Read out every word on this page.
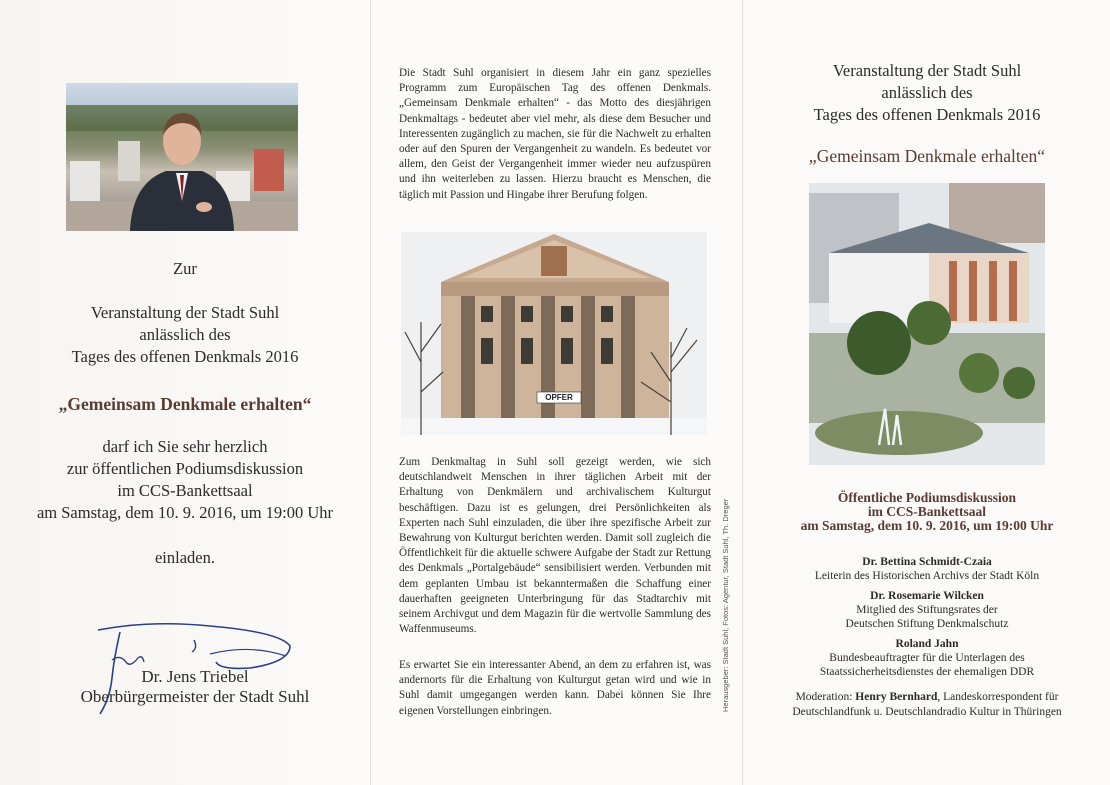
Zur
Veranstaltung der Stadt Suhl
anlässlich des
Tages des offenen Denkmals 2016
„Gemeinsam Denkmale erhalten“
darf ich Sie sehr herzlich
zur öffentlichen Podiumsdiskussion
im CCS-Bankettsaal
am Samstag, dem 10. 9. 2016, um 19:00 Uhr
einladen.
Dr. Jens Triebel
Oberbürgermeister der Stadt Suhl
Die Stadt Suhl organisiert in diesem Jahr ein ganz spezielles Programm zum Europäischen Tag des offenen Denkmals. „Gemeinsam Denkmale erhalten“ - das Motto des diesjährigen Denkmaltags - bedeutet aber viel mehr, als diese dem Besucher und Interessenten zugänglich zu machen, sie für die Nachwelt zu erhalten oder auf den Spuren der Vergangenheit zu wandeln. Es bedeutet vor allem, den Geist der Vergangenheit immer wieder neu aufzuspüren und ihn weiterleben zu lassen. Hierzu braucht es Menschen, die täglich mit Passion und Hingabe ihrer Berufung folgen.
OPFER
Zum Denkmaltag in Suhl soll gezeigt werden, wie sich deutschlandweit Menschen in ihrer täglichen Arbeit mit der Erhaltung von Denkmälern und archivalischem Kulturgut beschäftigen. Dazu ist es gelungen, drei Persönlichkeiten als Experten nach Suhl einzuladen, die über ihre spezifische Arbeit zur Bewahrung von Kulturgut berichten werden. Damit soll zugleich die Öffentlichkeit für die aktuelle schwere Aufgabe der Stadt zur Rettung des Denkmals „Portalgebäude“ sensibilisiert werden. Verbunden mit dem geplanten Umbau ist bekanntermaßen die Schaffung einer dauerhaften geeigneten Unterbringung für das Stadtarchiv mit seinem Archivgut und dem Magazin für die wertvolle Sammlung des Waffenmuseums.
Es erwartet Sie ein interessanter Abend, an dem zu erfahren ist, was andernorts für die Erhaltung von Kulturgut getan wird und wie in Suhl damit umgegangen werden kann. Dabei können Sie Ihre eigenen Vorstellungen einbringen.	Herausgeber: Stadt Suhl, Fotos: Agentur, Stadt Suhl, Th. Dreger
Veranstaltung der Stadt Suhl
anlässlich des
Tages des offenen Denkmals 2016
„Gemeinsam Denkmale erhalten“
Öffentliche Podiumsdiskussion
im CCS-Bankettsaal
am Samstag, dem 10. 9. 2016, um 19:00 Uhr
Dr. Bettina Schmidt-Czaia
Leiterin des Historischen Archivs der Stadt Köln
Dr. Rosemarie Wilcken
Mitglied des Stiftungsrates der
Deutschen Stiftung Denkmalschutz
Roland Jahn
Bundesbeauftragter für die Unterlagen des
Staatssicherheitsdienstes der ehemaligen DDR
Moderation: Henry Bernhard, Landeskorrespondent für
Deutschlandfunk u. Deutschlandradio Kultur in Thüringen
